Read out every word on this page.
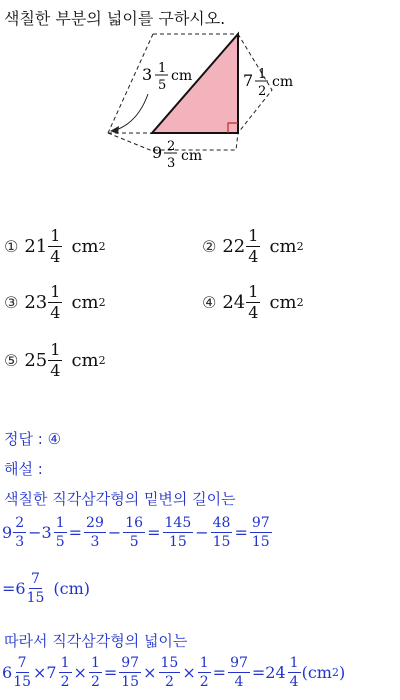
색칠한 부분의 넓이를 구하시오.
3 1
5
cm	7 1
2
cm
9 2
3 cm
① $21 \frac{1}{4}$ cm 2	② $22 \frac{1}{4}$ cm 2
③ $23 \frac{1}{4}$ cm 2	④ $24 \frac{1}{4}$ cm 2
⑤ $25 \frac{1}{4}$ cm 2
정답 : ④
해설 :
색칠한 직각삼각형의 밑변의 길이는
$9 \frac{2}{3} -3 \frac{1}{5} = \frac{29}{3} - \frac{16}{5} = \frac{145}{15} - \frac{48}{15} = \frac{97}{15}$
$=6 \frac{7}{15} (cm)$
따라서 직각삼각형의 넓이는
$6 \frac{7}{15} \times 7 \frac{1}{2} \times \frac{1}{2} = \frac{97}{15} \times \frac{15}{2} \times \frac{1}{2} = \frac{97}{4} =24 \frac{1}{4} (cm$ 2 )
